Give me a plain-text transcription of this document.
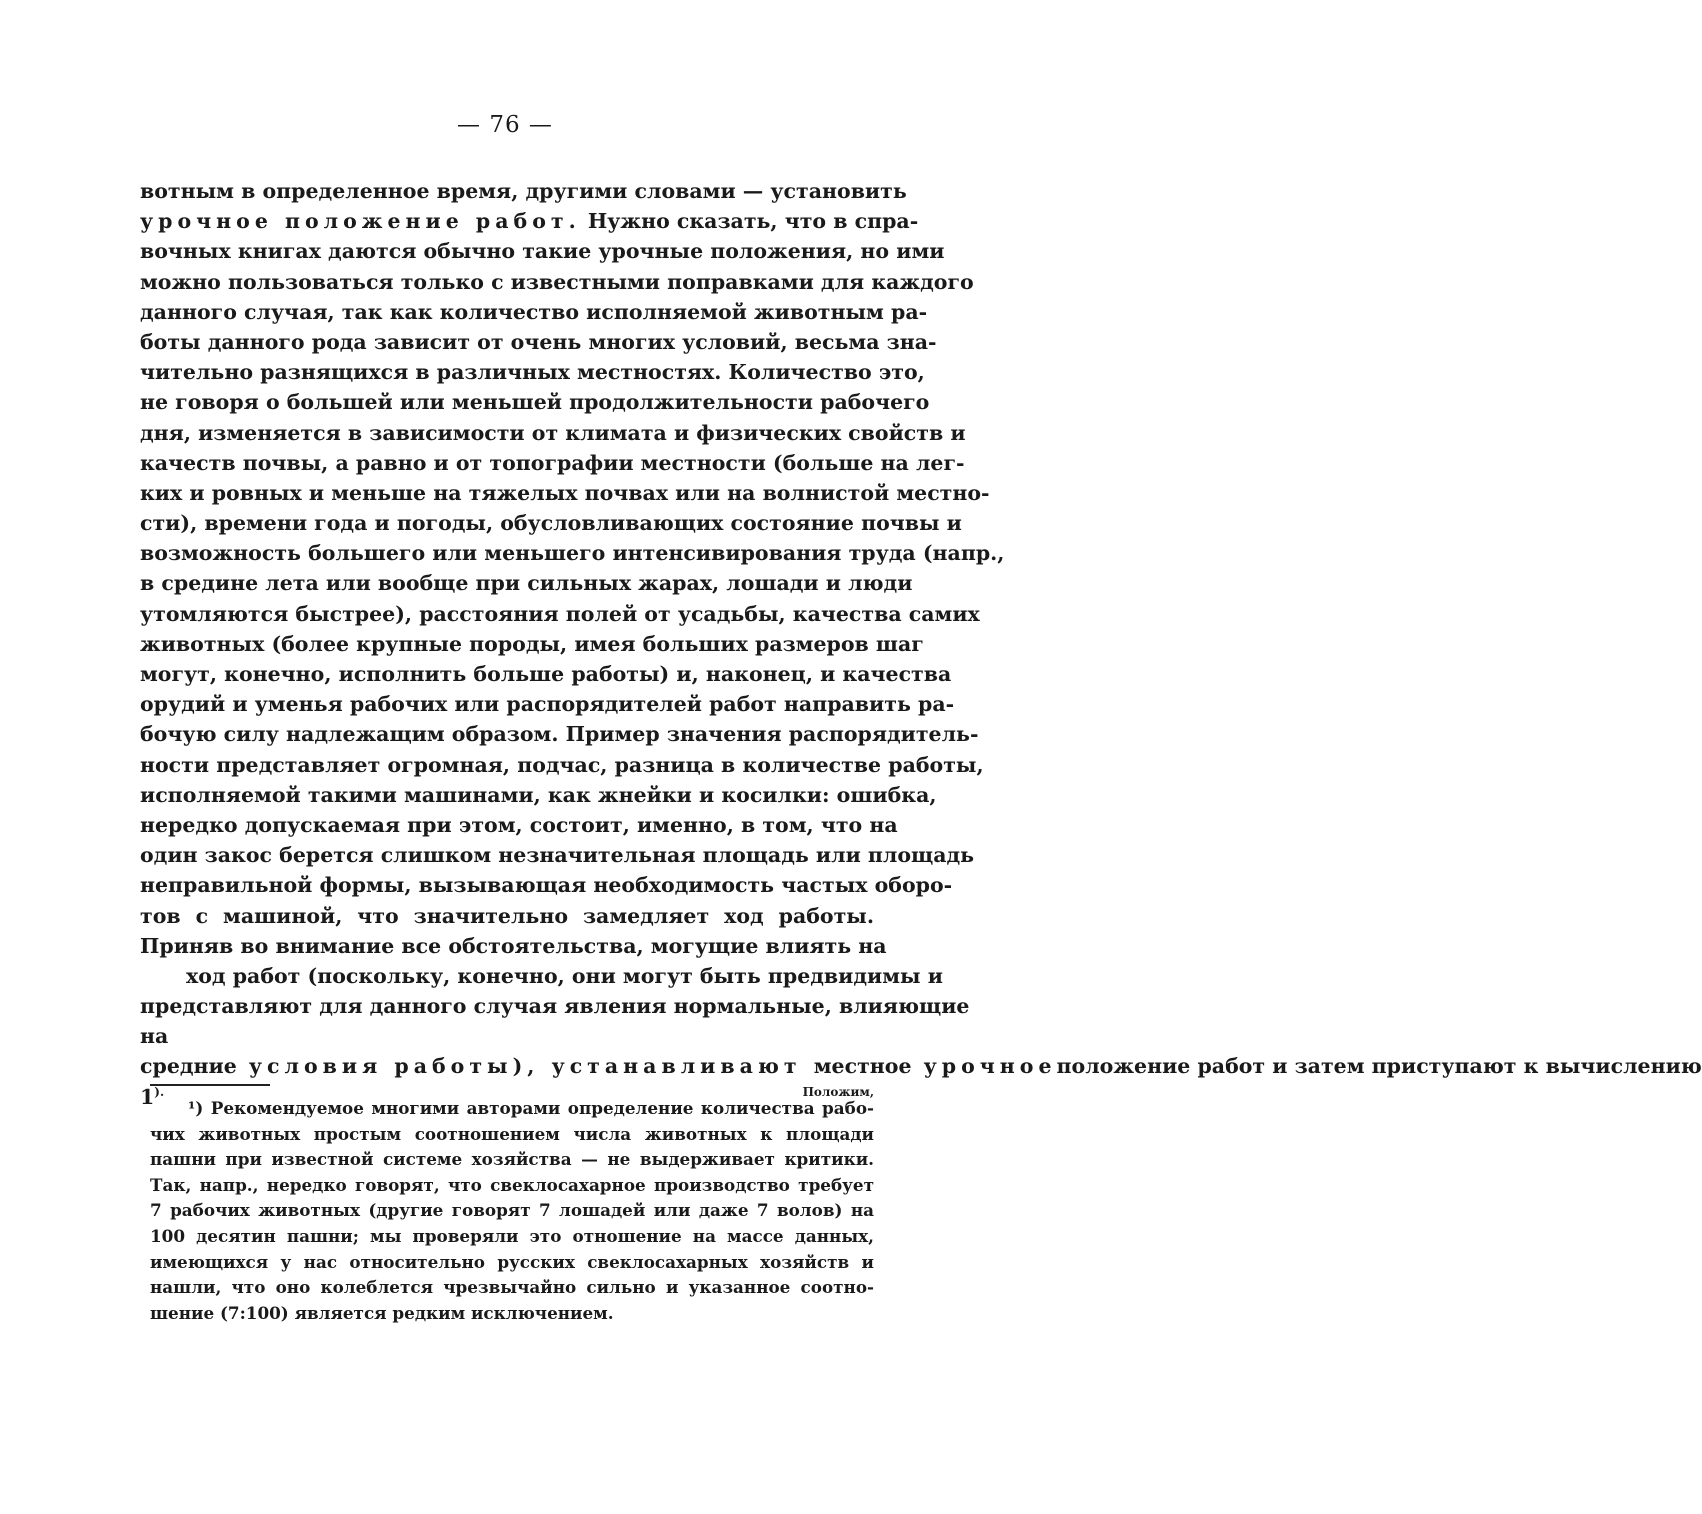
— 76 —
вотным в определенное время, другими словами — установить
урочное положение работ. Нужно сказать, что в спра-
вочных книгах даются обычно такие урочные положения, но ими
можно пользоваться только с известными поправками для каждого
данного случая, так как количество исполняемой животным ра-
боты данного рода зависит от очень многих условий, весьма зна-
чительно разнящихся в различных местностях. Количество это,
не говоря о большей или меньшей продолжительности рабочего
дня, изменяется в зависимости от климата и физических свойств и
качеств почвы, а равно и от топографии местности (больше на лег-
ких и ровных и меньше на тяжелых почвах или на волнистой местно-
сти), времени года и погоды, обусловливающих состояние почвы и
возможность большего или меньшего интенсивирования труда (напр.,
в средине лета или вообще при сильных жарах, лошади и люди
утомляются быстрее), расстояния полей от усадьбы, качества самих
животных (более крупные породы, имея больших размеров шаг
могут, конечно, исполнить больше работы) и, наконец, и качества
орудий и уменья рабочих или распорядителей работ направить ра-
бочую силу надлежащим образом. Пример значения распорядитель-
ности представляет огромная, подчас, разница в количестве работы,
исполняемой такими машинами, как жнейки и косилки: ошибка,
нередко допускаемая при этом, состоит, именно, в том, что на
один закос берется слишком незначительная площадь или площадь
неправильной формы, вызывающая необходимость частых оборо-
тов с машиной, что значительно замедляет ход работы.
Приняв во внимание все обстоятельства, могущие влиять на
ход работ (поскольку, конечно, они могут быть предвидимы и
представляют для данного случая явления нормальные, влияющие
на
средние условия работы), устанавливают местное урочноеположение работ и затем приступают к вычислению
$1^{). Положим,}$
¹) Рекомендуемое многими авторами определение количества рабо-
чих животных простым соотношением числа животных к площади
пашни при известной системе хозяйства — не выдерживает критики.
Так, напр., нередко говорят, что свеклосахарное производство требует
7 рабочих животных (другие говорят 7 лошадей или даже 7 волов) на
100 десятин пашни; мы проверяли это отношение на массе данных,
имеющихся у нас относительно русских свеклосахарных хозяйств и
нашли, что оно колеблется чрезвычайно сильно и указанное соотно-
шение (7:100) является редким исключением.
